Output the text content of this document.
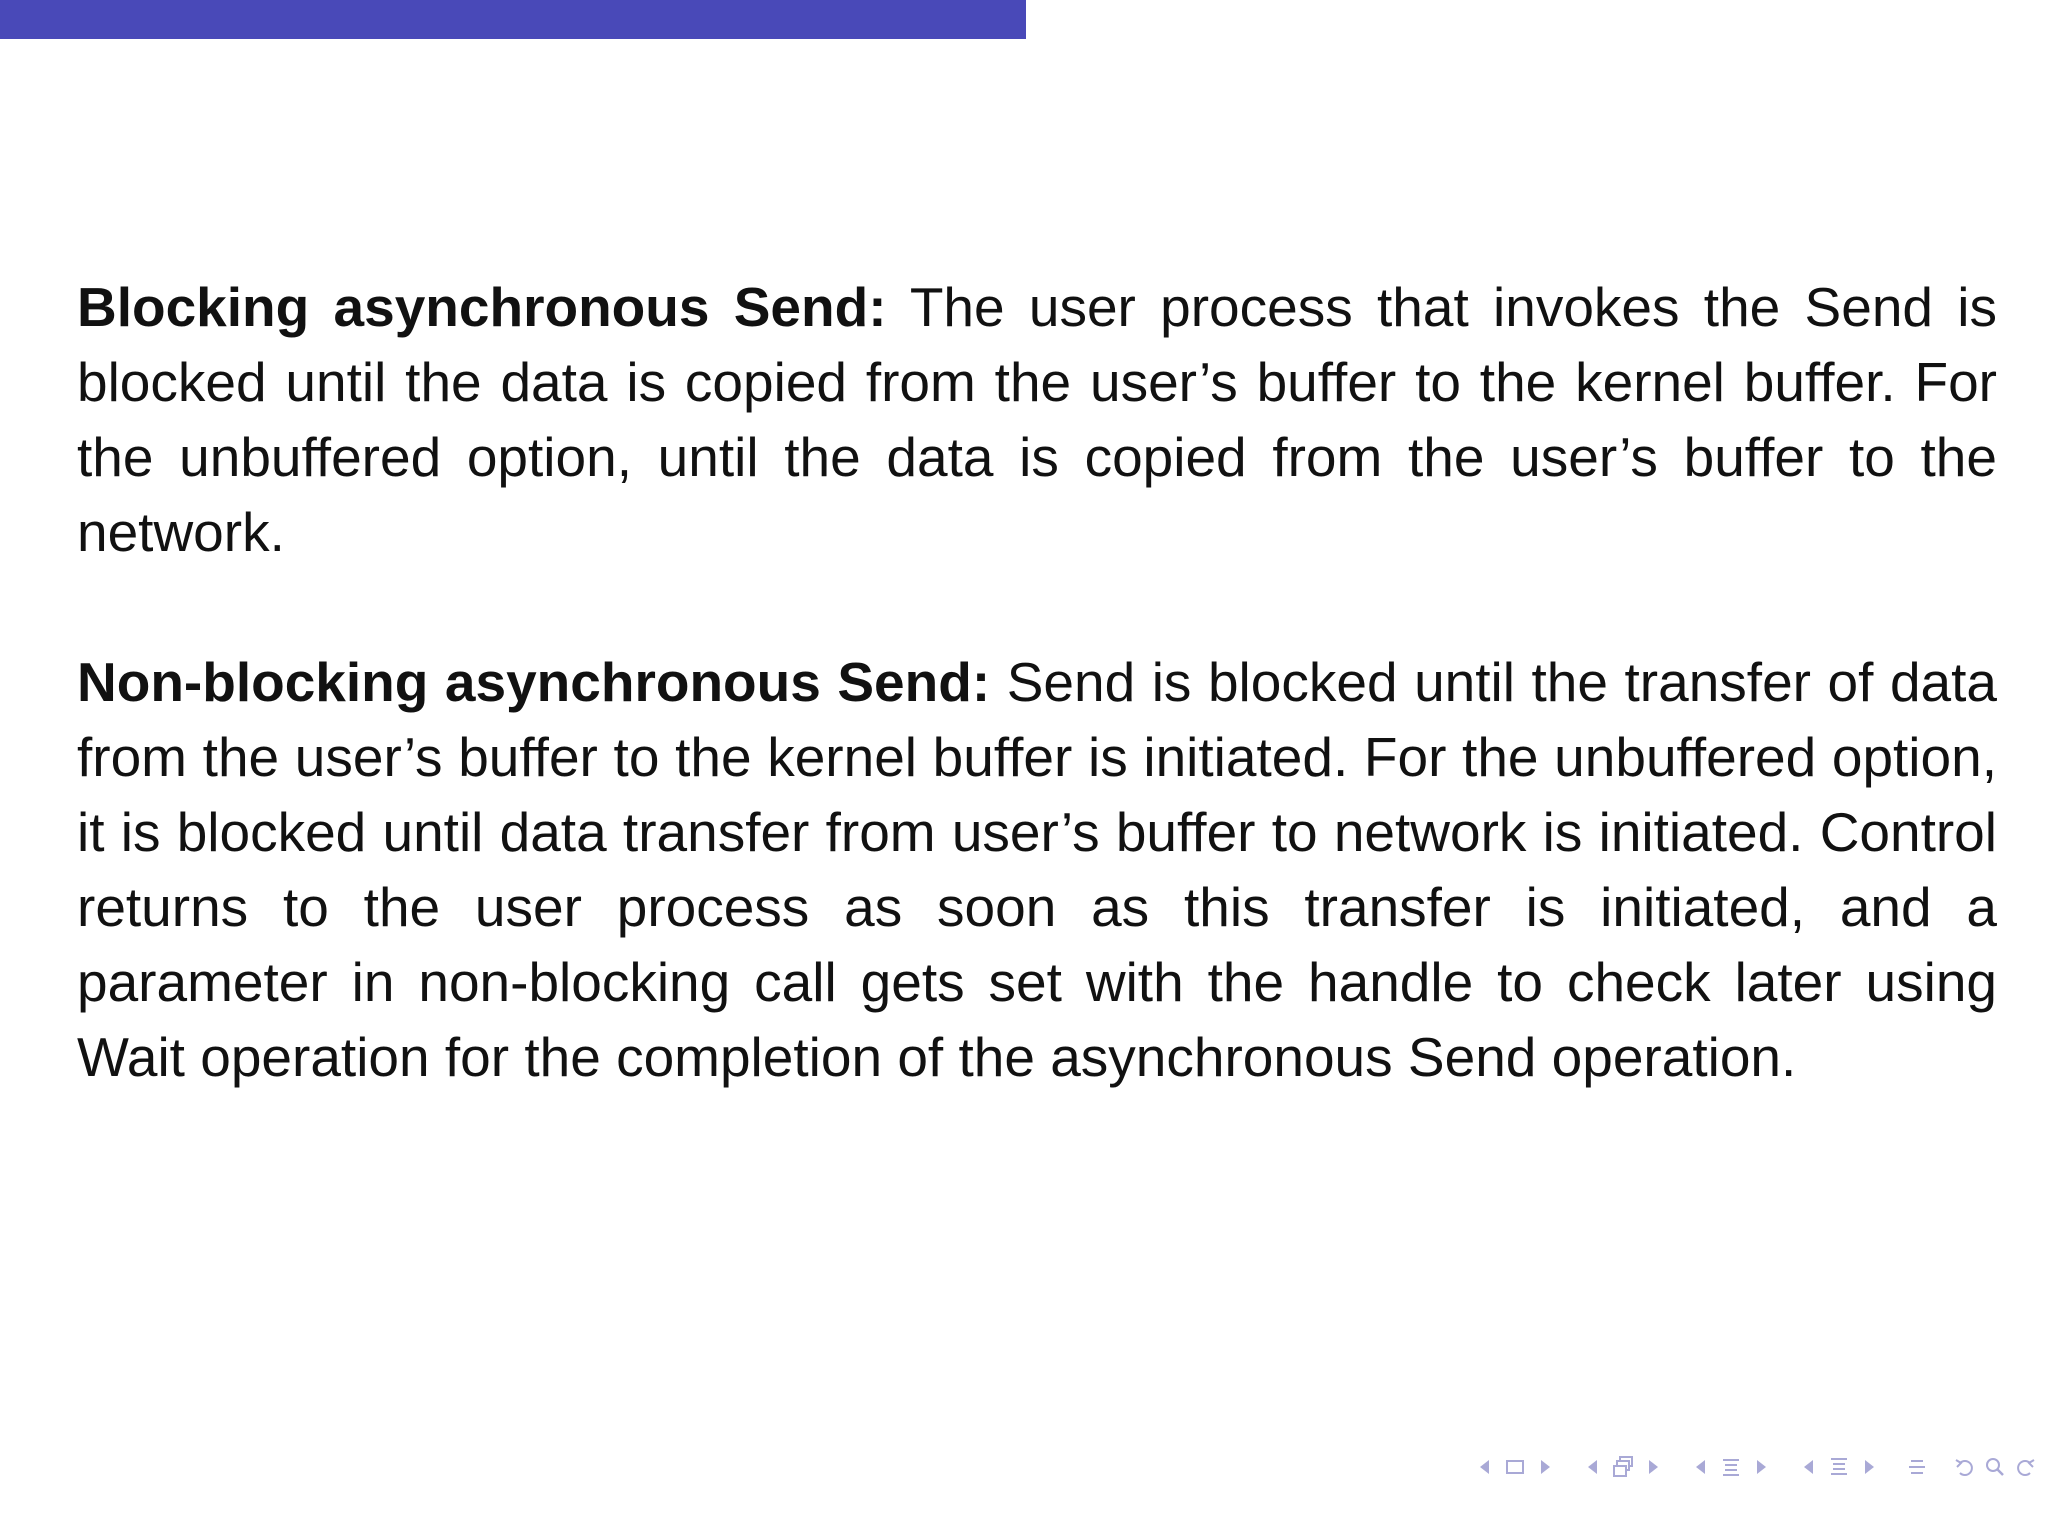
Blocking asynchronous Send: The user process that invokes the Send is blocked until the data is copied from the user’s buffer to the kernel buffer. For the unbuffered option, until the data is copied from the user’s buffer to the network.

Non-blocking asynchronous Send: Send is blocked until the transfer of data from the user’s buffer to the kernel buffer is initiated. For the unbuffered option, it is blocked until data transfer from user’s buffer to network is initiated. Control returns to the user process as soon as this transfer is initiated, and a parameter in non-blocking call gets set with the handle to check later using Wait operation for the completion of the asynchronous Send operation.
